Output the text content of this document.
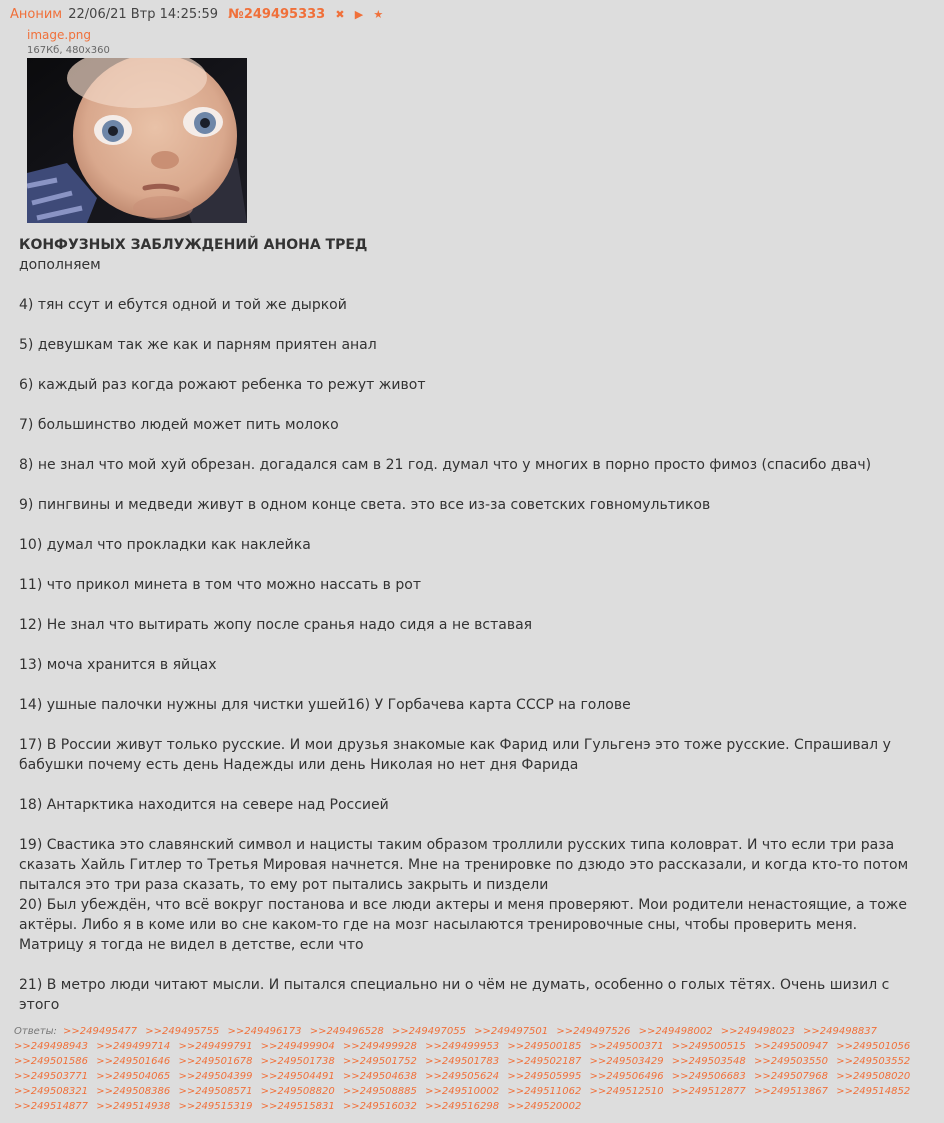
Аноним 22/06/21 Втр 14:25:59 №249495333 ✖ ▶ ★
image.png
167Кб, 480x360

КОНФУЗНЫХ ЗАБЛУЖДЕНИЙ АНОНА ТРЕД

дополняем

4) тян ссут и ебутся одной и той же дыркой

5) девушкам так же как и парням приятен анал

6) каждый раз когда рожают ребенка то режут живот

7) большинство людей может пить молоко

8) не знал что мой хуй обрезан. догадался сам в 21 год. думал что у многих в порно просто фимоз (спасибо двач)

9) пингвины и медведи живут в одном конце света. это все из-за советских говномультиков

10) думал что прокладки как наклейка

11) что прикол минета в том что можно нассать в рот

12) Не знал что вытирать жопу после сранья надо сидя а не вставая

13) моча хранится в яйцах

14) ушные палочки нужны для чистки ушей16) У Горбачева карта СССР на голове

17) В России живут только русские. И мои друзья знакомые как Фарид или Гульгенэ это тоже русские. Спрашивал у бабушки почему есть день Надежды или день Николая но нет дня Фарида

18) Антарктика находится на севере над Россией

19) Свастика это славянский символ и нацисты таким образом троллили русских типа коловрат. И что если три раза сказать Хайль Гитлер то Третья Мировая начнется. Мне на тренировке по дзюдо это рассказали, и когда кто-то потом пытался это три раза сказать, то ему рот пытались закрыть и пиздели

20) Был убеждён, что всё вокруг постанова и все люди актеры и меня проверяют. Мои родители ненастоящие, а тоже актёры. Либо я в коме или во сне каком-то где на мозг насылаются тренировочные сны, чтобы проверить меня. Матрицу я тогда не видел в детстве, если что

21) В метро люди читают мысли. И пытался специально ни о чём не думать, особенно о голых тётях. Очень шизил с этого

Ответы: >>249495477 >>249495755 >>249496173 >>249496528 >>249497055 >>249497501 >>249497526 >>249498002 >>249498023 >>249498837 >>249498943 >>249499714 >>249499791 >>249499904 >>249499928 >>249499953 >>249500185 >>249500371 >>249500515 >>249500947 >>249501056 >>249501586 >>249501646 >>249501678 >>249501738 >>249501752 >>249501783 >>249502187 >>249503429 >>249503548 >>249503550 >>249503552 >>249503771 >>249504065 >>249504399 >>249504491 >>249504638 >>249505624 >>249505995 >>249506496 >>249506683 >>249507968 >>249508020 >>249508321 >>249508386 >>249508571 >>249508820 >>249508885 >>249510002 >>249511062 >>249512510 >>249512877 >>249513867 >>249514852 >>249514877 >>249514938 >>249515319 >>249515831 >>249516032 >>249516298 >>249520002
